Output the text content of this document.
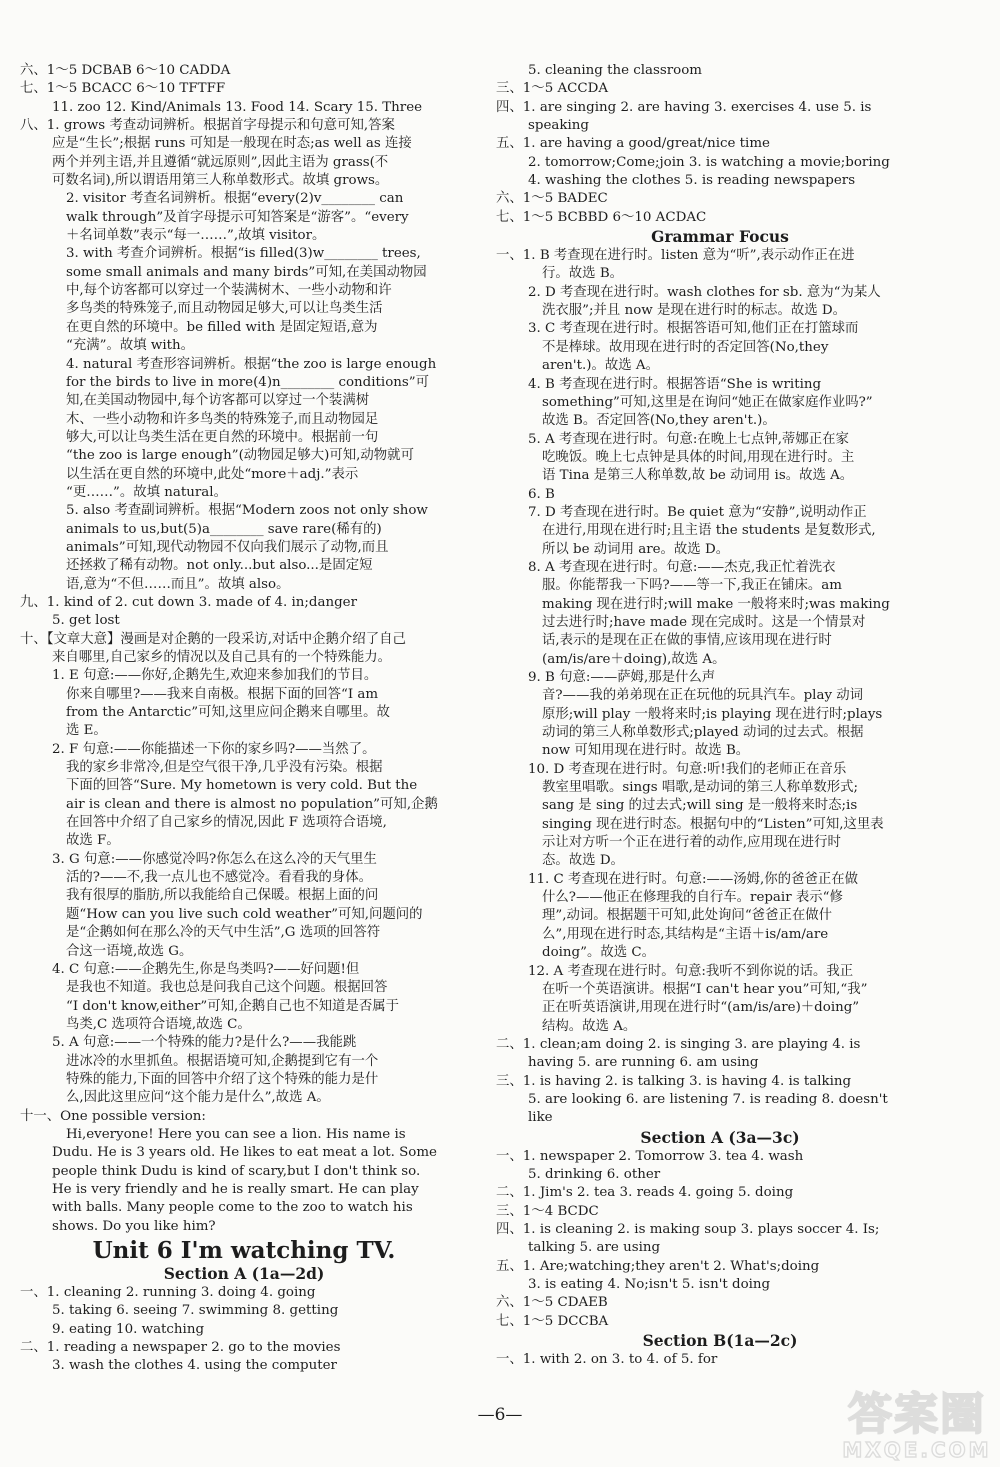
六、1～5 DCBAB 6～10 CADDA
七、1～5 BCACC 6～10 TFTFF
11. zoo 12. Kind/Animals 13. Food 14. Scary 15. Three
八、1. grows 考查动词辨析。根据首字母提示和句意可知,答案
应是“生长”;根据 runs 可知是一般现在时态;as well as 连接
两个并列主语,并且遵循“就远原则”,因此主语为 grass(不
可数名词),所以谓语用第三人称单数形式。故填 grows。
2. visitor 考查名词辨析。根据“every(2)v________ can
walk through”及首字母提示可知答案是“游客”。“every
＋名词单数”表示“每一……”,故填 visitor。
3. with 考查介词辨析。根据“is filled(3)w________ trees,
some small animals and many birds”可知,在美国动物园
中,每个访客都可以穿过一个装满树木、一些小动物和许
多鸟类的特殊笼子,而且动物园足够大,可以让鸟类生活
在更自然的环境中。be filled with 是固定短语,意为
“充满”。故填 with。
4. natural 考查形容词辨析。根据“the zoo is large enough
for the birds to live in more(4)n________ conditions”可
知,在美国动物园中,每个访客都可以穿过一个装满树
木、一些小动物和许多鸟类的特殊笼子,而且动物园足
够大,可以让鸟类生活在更自然的环境中。根据前一句
“the zoo is large enough”(动物园足够大)可知,动物就可
以生活在更自然的环境中,此处“more＋adj.”表示
“更……”。故填 natural。
5. also 考查副词辨析。根据“Modern zoos not only show
animals to us,but(5)a________ save rare(稀有的)
animals”可知,现代动物园不仅向我们展示了动物,而且
还拯救了稀有动物。not only...but also...是固定短
语,意为“不但……而且”。故填 also。
九、1. kind of 2. cut down 3. made of 4. in;danger
5. get lost
十、【文章大意】漫画是对企鹅的一段采访,对话中企鹅介绍了自己
来自哪里,自己家乡的情况以及自己具有的一个特殊能力。
1. E 句意:——你好,企鹅先生,欢迎来参加我们的节目。
你来自哪里?——我来自南极。根据下面的回答“I am
from the Antarctic”可知,这里应问企鹅来自哪里。故
选 E。
2. F 句意:——你能描述一下你的家乡吗?——当然了。
我的家乡非常冷,但是空气很干净,几乎没有污染。根据
下面的回答“Sure. My hometown is very cold. But the
air is clean and there is almost no population”可知,企鹅
在回答中介绍了自己家乡的情况,因此 F 选项符合语境,
故选 F。
3. G 句意:——你感觉冷吗?你怎么在这么冷的天气里生
活的?——不,我一点儿也不感觉冷。看看我的身体。
我有很厚的脂肪,所以我能给自己保暖。根据上面的问
题“How can you live such cold weather”可知,问题问的
是“企鹅如何在那么冷的天气中生活”,G 选项的回答符
合这一语境,故选 G。
4. C 句意:——企鹅先生,你是鸟类吗?——好问题!但
是我也不知道。我也总是问我自己这个问题。根据回答
“I don't know,either”可知,企鹅自己也不知道是否属于
鸟类,C 选项符合语境,故选 C。
5. A 句意:——一个特殊的能力?是什么?——我能跳
进冰冷的水里抓鱼。根据语境可知,企鹅提到它有一个
特殊的能力,下面的回答中介绍了这个特殊的能力是什
么,因此这里应问“这个能力是什么”,故选 A。
十一、One possible version:
Hi,everyone! Here you can see a lion. His name is
Dudu. He is 3 years old. He likes to eat meat a lot. Some
people think Dudu is kind of scary,but I don't think so.
He is very friendly and he is really smart. He can play
with balls. Many people come to the zoo to watch his
shows. Do you like him?
Unit 6 I'm watching TV.
Section A (1a—2d)
一、1. cleaning 2. running 3. doing 4. going
5. taking 6. seeing 7. swimming 8. getting
9. eating 10. watching
二、1. reading a newspaper 2. go to the movies
3. wash the clothes 4. using the computer
5. cleaning the classroom
三、1～5 ACCDA
四、1. are singing 2. are having 3. exercises 4. use 5. is
speaking
五、1. are having a good/great/nice time
2. tomorrow;Come;join 3. is watching a movie;boring
4. washing the clothes 5. is reading newspapers
六、1～5 BADEC
七、1～5 BCBBD 6～10 ACDAC
Grammar Focus
一、1. B 考查现在进行时。listen 意为“听”,表示动作正在进
行。故选 B。
2. D 考查现在进行时。wash clothes for sb. 意为“为某人
洗衣服”;并且 now 是现在进行时的标志。故选 D。
3. C 考查现在进行时。根据答语可知,他们正在打篮球而
不是棒球。故用现在进行时的否定回答(No,they
aren't.)。故选 A。
4. B 考查现在进行时。根据答语“She is writing
something”可知,这里是在询问“她正在做家庭作业吗?”
故选 B。否定回答(No,they aren't.)。
5. A 考查现在进行时。句意:在晚上七点钟,蒂娜正在家
吃晚饭。晚上七点钟是具体的时间,用现在进行时。主
语 Tina 是第三人称单数,故 be 动词用 is。故选 A。
6. B
7. D 考查现在进行时。Be quiet 意为“安静”,说明动作正
在进行,用现在进行时;且主语 the students 是复数形式,
所以 be 动词用 are。故选 D。
8. A 考查现在进行时。句意:——杰克,我正忙着洗衣
服。你能帮我一下吗?——等一下,我正在铺床。am
making 现在进行时;will make 一般将来时;was making
过去进行时;have made 现在完成时。这是一个情景对
话,表示的是现在正在做的事情,应该用现在进行时
(am/is/are＋doing),故选 A。
9. B 句意:——萨姆,那是什么声
音?——我的弟弟现在正在玩他的玩具汽车。play 动词
原形;will play 一般将来时;is playing 现在进行时;plays
动词的第三人称单数形式;played 动词的过去式。根据
now 可知用现在进行时。故选 B。
10. D 考查现在进行时。句意:听!我们的老师正在音乐
教室里唱歌。sings 唱歌,是动词的第三人称单数形式;
sang 是 sing 的过去式;will sing 是一般将来时态;is
singing 现在进行时态。根据句中的“Listen”可知,这里表
示让对方听一个正在进行着的动作,应用现在进行时
态。故选 D。
11. C 考查现在进行时。句意:——汤姆,你的爸爸正在做
什么?——他正在修理我的自行车。repair 表示“修
理”,动词。根据题干可知,此处询问“爸爸正在做什
么”,用现在进行时态,其结构是“主语＋is/am/are
doing”。故选 C。
12. A 考查现在进行时。句意:我听不到你说的话。我正
在听一个英语演讲。根据“I can't hear you”可知,“我”
正在听英语演讲,用现在进行时“(am/is/are)＋doing”
结构。故选 A。
二、1. clean;am doing 2. is singing 3. are playing 4. is
having 5. are running 6. am using
三、1. is having 2. is talking 3. is having 4. is talking
5. are looking 6. are listening 7. is reading 8. doesn't
like
Section A (3a—3c)
一、1. newspaper 2. Tomorrow 3. tea 4. wash
5. drinking 6. other
二、1. Jim's 2. tea 3. reads 4. going 5. doing
三、1～4 BCDC
四、1. is cleaning 2. is making soup 3. plays soccer 4. Is;
talking 5. are using
五、1. Are;watching;they aren't 2. What's;doing
3. is eating 4. No;isn't 5. isn't doing
六、1～5 CDAEB
七、1～5 DCCBA
Section B(1a—2c)
一、1. with 2. on 3. to 4. of 5. for
—6—	答案圈
MXQE.COM
